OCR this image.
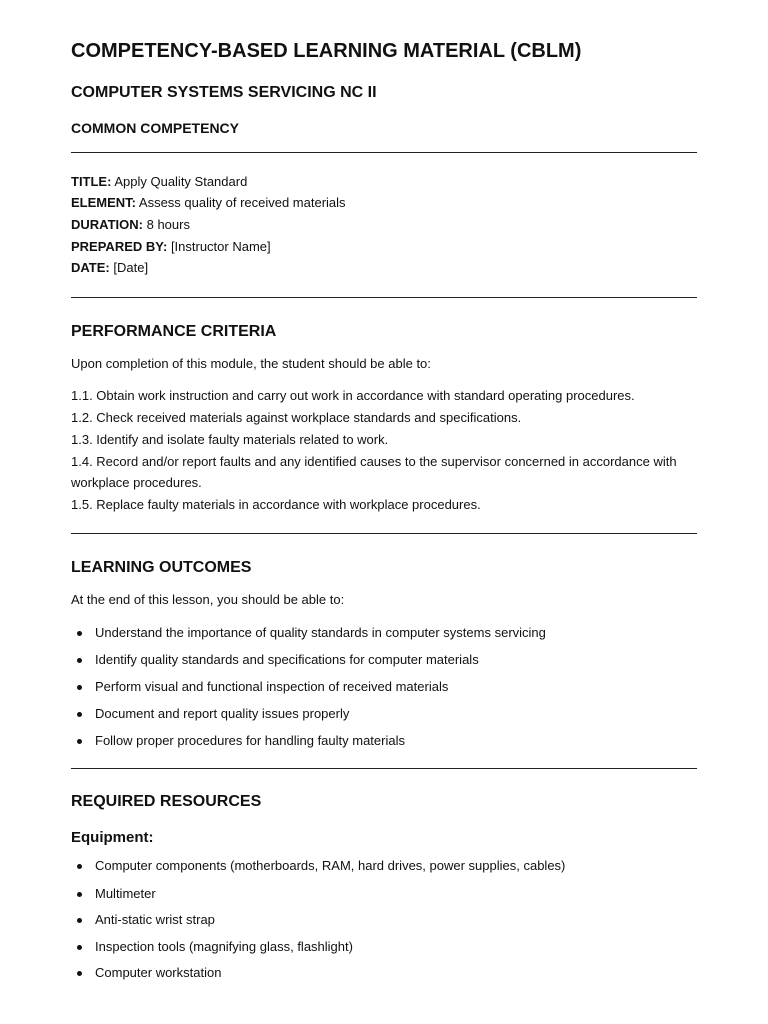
COMPETENCY-BASED LEARNING MATERIAL (CBLM)
COMPUTER SYSTEMS SERVICING NC II
COMMON COMPETENCY
TITLE: Apply Quality Standard
ELEMENT: Assess quality of received materials
DURATION: 8 hours
PREPARED BY: [Instructor Name]
DATE: [Date]
PERFORMANCE CRITERIA
Upon completion of this module, the student should be able to:
1.1. Obtain work instruction and carry out work in accordance with standard operating procedures.
1.2. Check received materials against workplace standards and specifications.
1.3. Identify and isolate faulty materials related to work.
1.4. Record and/or report faults and any identified causes to the supervisor concerned in accordance with
workplace procedures.
1.5. Replace faulty materials in accordance with workplace procedures.
LEARNING OUTCOMES
At the end of this lesson, you should be able to:
Understand the importance of quality standards in computer systems servicing
Identify quality standards and specifications for computer materials
Perform visual and functional inspection of received materials
Document and report quality issues properly
Follow proper procedures for handling faulty materials
REQUIRED RESOURCES
Equipment:
Computer components (motherboards, RAM, hard drives, power supplies, cables)
Multimeter
Anti-static wrist strap
Inspection tools (magnifying glass, flashlight)
Computer workstation
